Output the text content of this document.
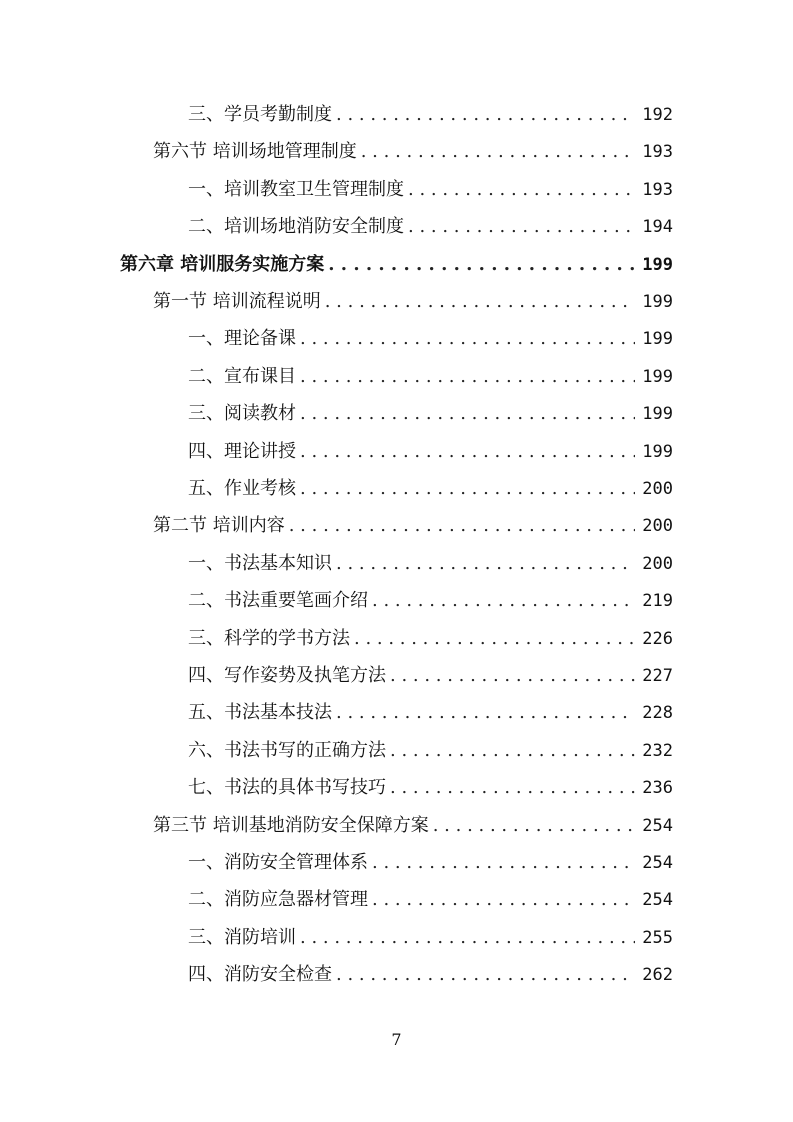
三、学员考勤制度 . . .	192
第六节 培训场地管理制度 . . .	193
一、培训教室卫生管理制度 . . .	193
二、培训场地消防安全制度 . . .	194
第六章 培训服务实施方案 . . .	199
第一节 培训流程说明 . . .	199
一、理论备课 . . .	199
二、宣布课目 . . .	199
三、阅读教材 . . .	199
四、理论讲授 . . .	199
五、作业考核 . . .	200
第二节 培训内容 . . .	200
一、书法基本知识 . . .	200
二、书法重要笔画介绍 . . .	219
三、科学的学书方法 . . .	226
四、写作姿势及执笔方法 . . .	227
五、书法基本技法 . . .	228
六、书法书写的正确方法 . . .	232
七、书法的具体书写技巧 . . .	236
第三节 培训基地消防安全保障方案 . . .	254
一、消防安全管理体系 . . .	254
二、消防应急器材管理 . . .	254
三、消防培训 . . .	255
四、消防安全检查 . . .	262
7
